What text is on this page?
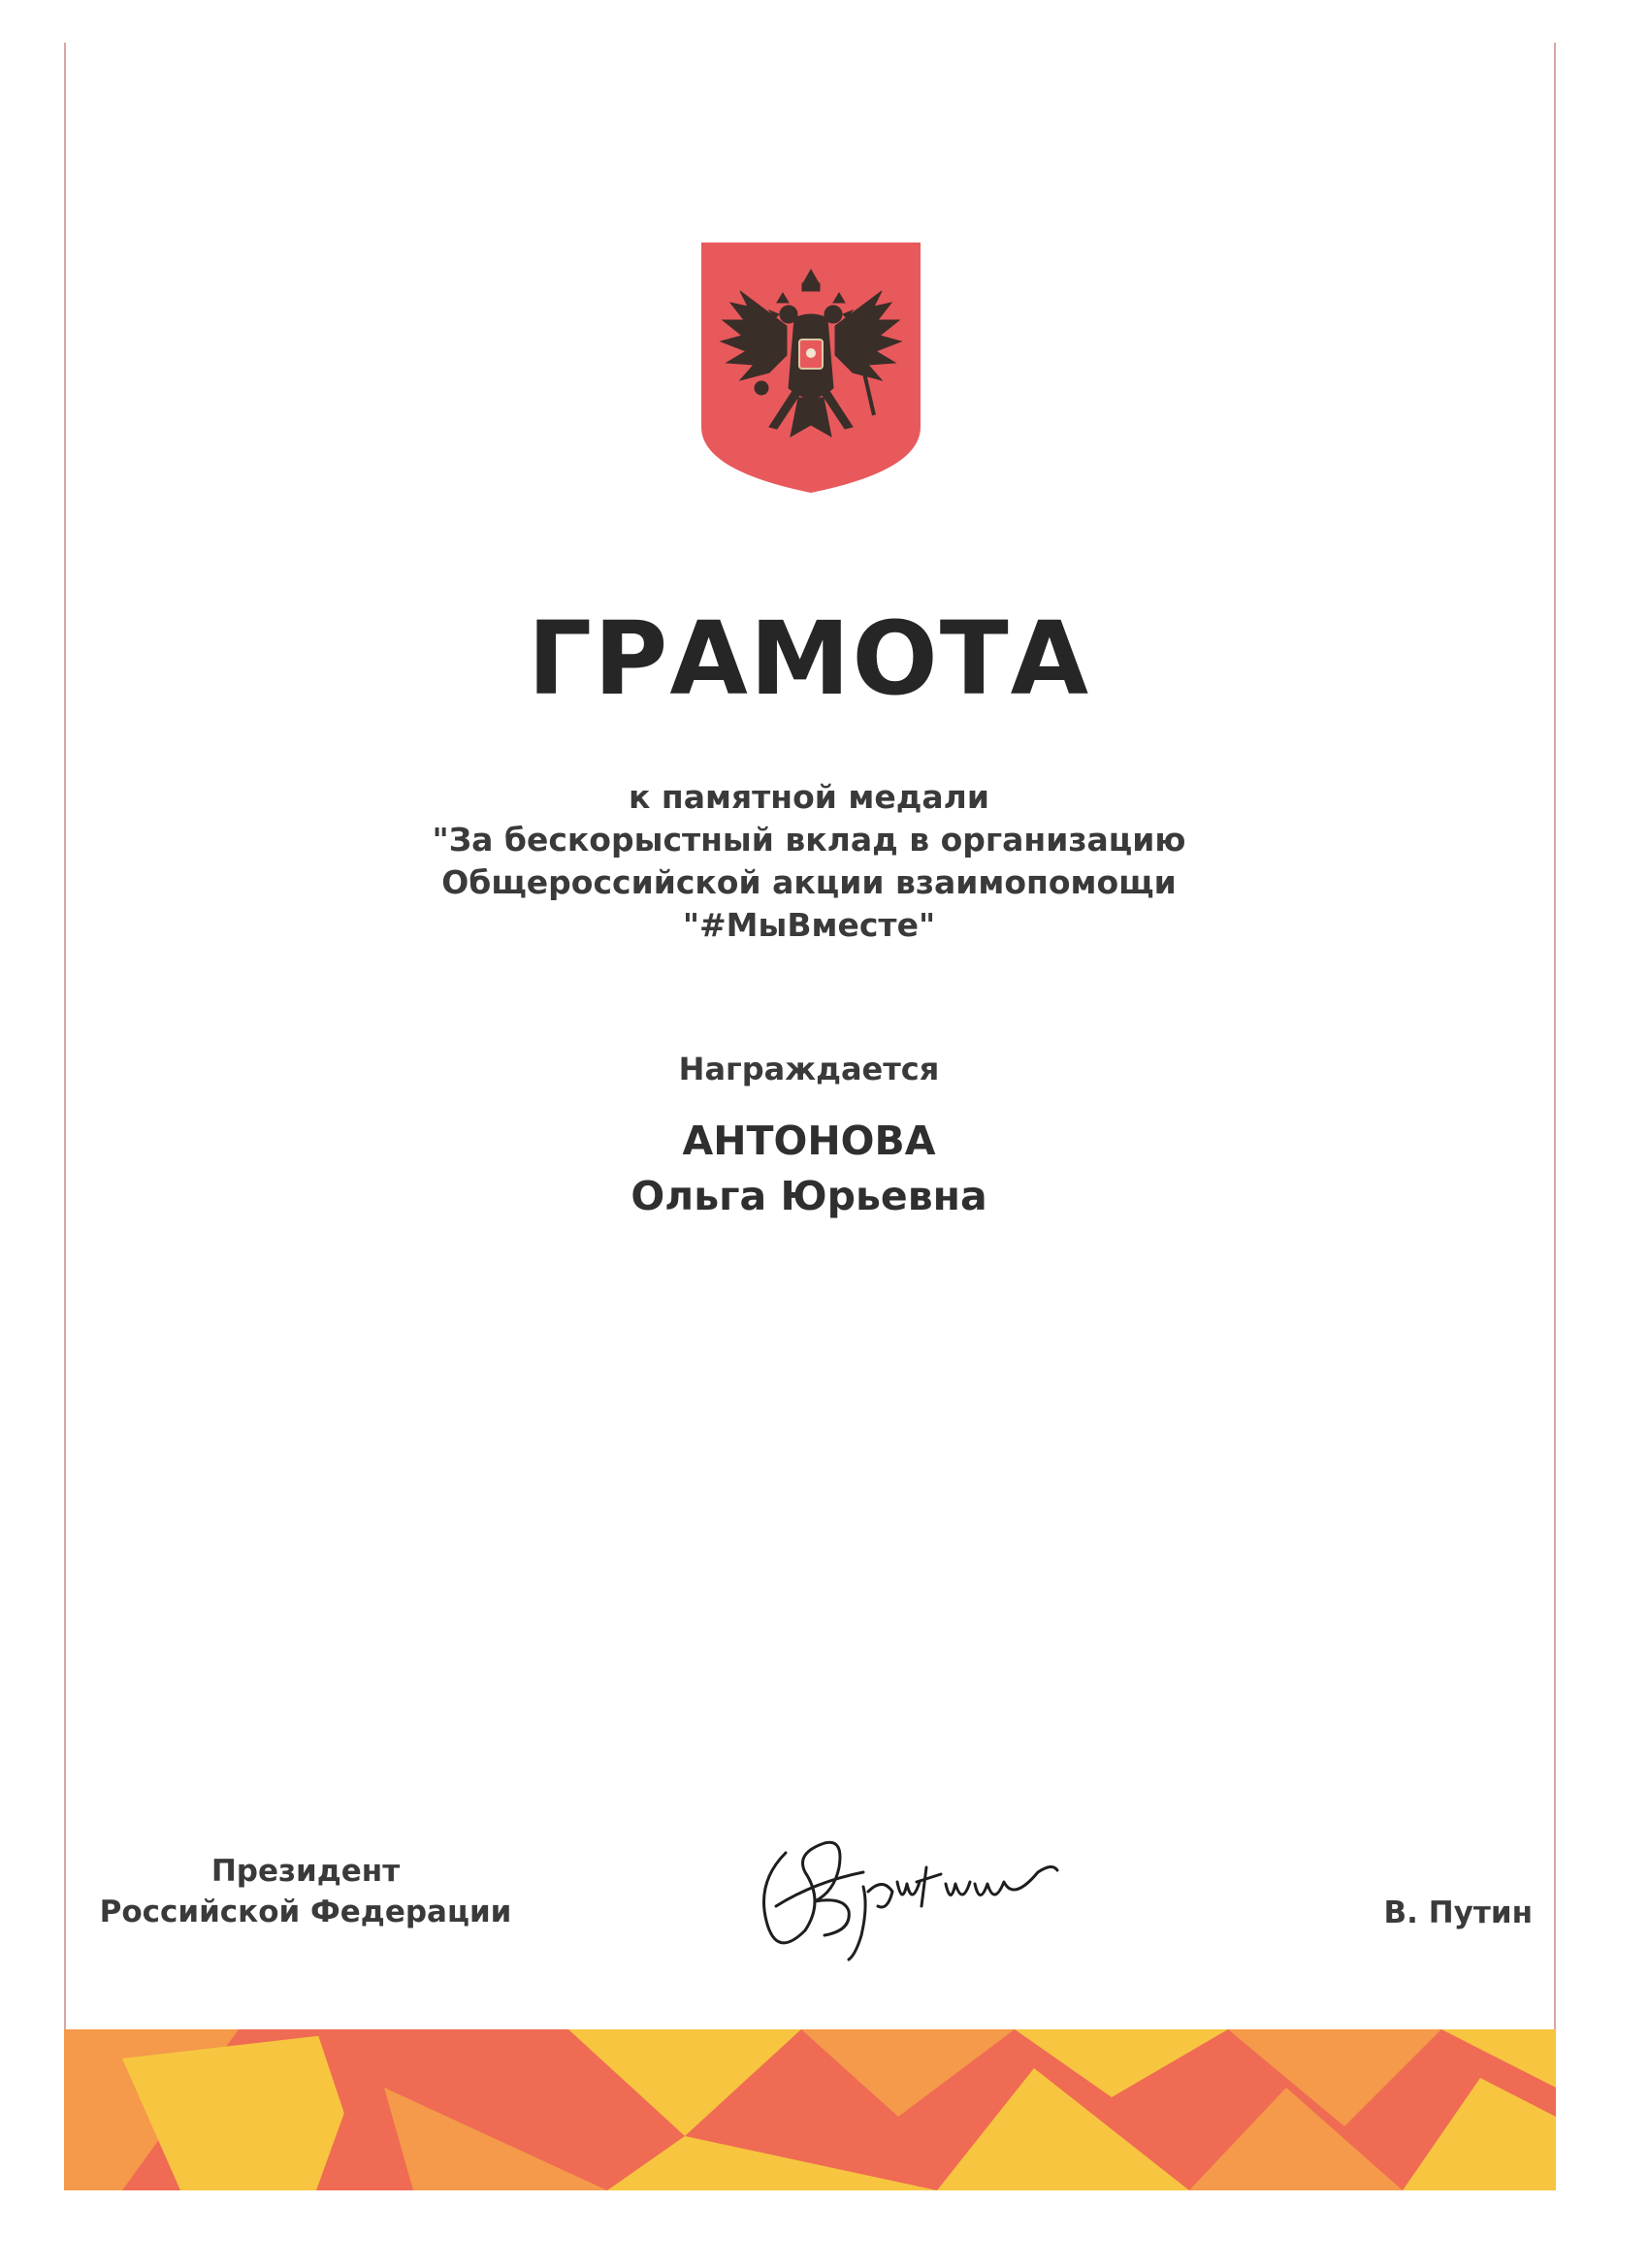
ГРАМОТА
к памятной медали
"За бескорыстный вклад в организацию
Общероссийской акции взаимопомощи
"#МыВместе"
Награждается
АНТОНОВА
Ольга Юрьевна
Президент
Российской Федерации	В. Путин
